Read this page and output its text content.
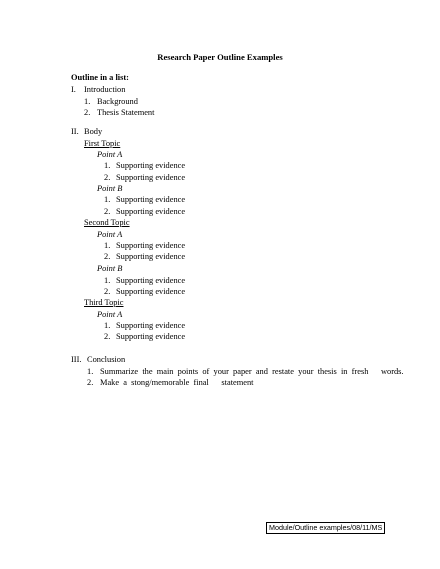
Research Paper Outline Examples
Outline in a list:
I. Introduction
1. Background
2. Thesis Statement
II. Body
First Topic
Point A
1. Supporting evidence
2. Supporting evidence
Point B
1. Supporting evidence
2. Supporting evidence
Second Topic
Point A
1. Supporting evidence
2. Supporting evidence
Point B
1. Supporting evidence
2. Supporting evidence
Third Topic
Point A
1. Supporting evidence
2. Supporting evidence
III. Conclusion
1. Summarize  the  main  points  of  your  paper  and  restate  your  thesis  in  fresh      words.
2. Make  a  stong/memorable  final      statement
Module/Outline examples/08/11/MS
